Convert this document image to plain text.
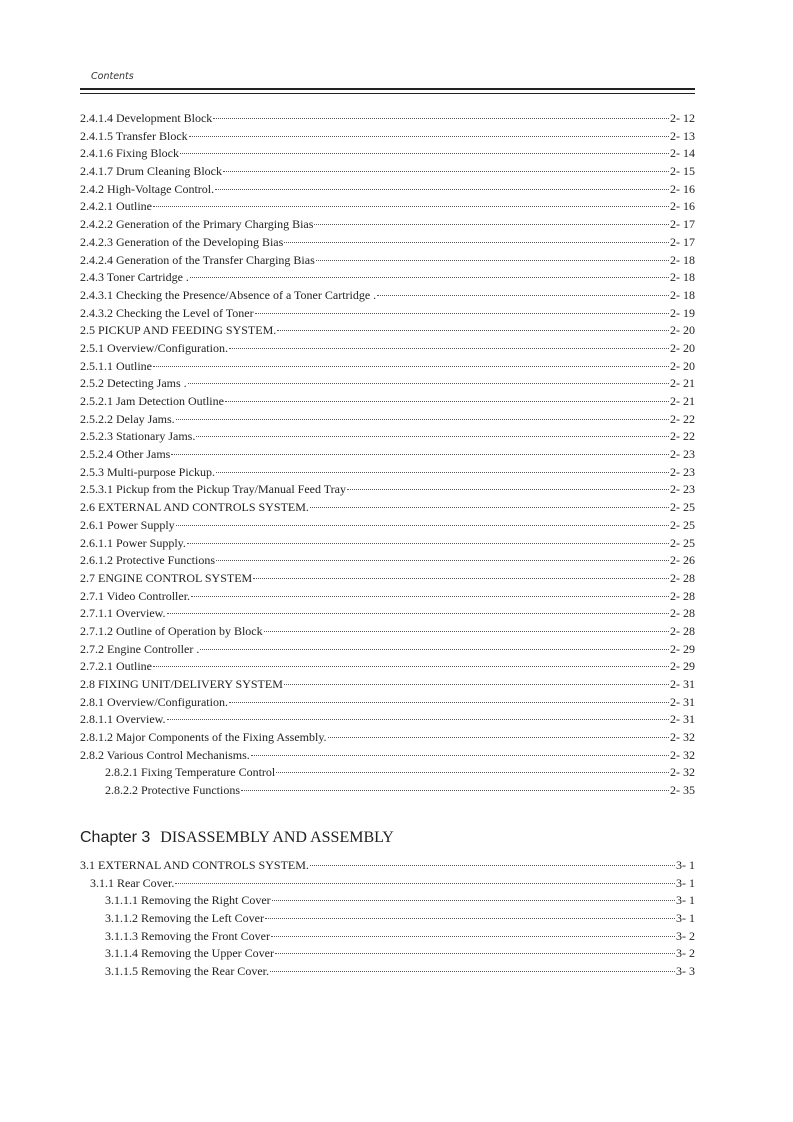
Contents
2.4.1.4 Development Block	2- 12
2.4.1.5 Transfer Block	2- 13
2.4.1.6 Fixing Block	2- 14
2.4.1.7 Drum Cleaning Block	2- 15
2.4.2 High-Voltage Control.	2- 16
2.4.2.1 Outline	2- 16
2.4.2.2 Generation of the Primary Charging Bias	2- 17
2.4.2.3 Generation of the Developing Bias	2- 17
2.4.2.4 Generation of the Transfer Charging Bias	2- 18
2.4.3 Toner Cartridge .	2- 18
2.4.3.1 Checking the Presence/Absence of a Toner Cartridge .	2- 18
2.4.3.2 Checking the Level of Toner	2- 19
2.5 PICKUP AND FEEDING SYSTEM.	2- 20
2.5.1 Overview/Configuration.	2- 20
2.5.1.1 Outline	2- 20
2.5.2 Detecting Jams .	2- 21
2.5.2.1 Jam Detection Outline	2- 21
2.5.2.2 Delay Jams.	2- 22
2.5.2.3 Stationary Jams.	2- 22
2.5.2.4 Other Jams	2- 23
2.5.3 Multi-purpose Pickup.	2- 23
2.5.3.1 Pickup from the Pickup Tray/Manual Feed Tray	2- 23
2.6 EXTERNAL AND CONTROLS SYSTEM.	2- 25
2.6.1 Power Supply	2- 25
2.6.1.1 Power Supply.	2- 25
2.6.1.2 Protective Functions	2- 26
2.7 ENGINE CONTROL SYSTEM	2- 28
2.7.1 Video Controller.	2- 28
2.7.1.1 Overview.	2- 28
2.7.1.2 Outline of Operation by Block	2- 28
2.7.2 Engine Controller .	2- 29
2.7.2.1 Outline	2- 29
2.8 FIXING UNIT/DELIVERY SYSTEM	2- 31
2.8.1 Overview/Configuration.	2- 31
2.8.1.1 Overview.	2- 31
2.8.1.2 Major Components of the Fixing Assembly.	2- 32
2.8.2 Various Control Mechanisms.	2- 32
2.8.2.1 Fixing Temperature Control	2- 32
2.8.2.2 Protective Functions	2- 35
Chapter 3 DISASSEMBLY AND ASSEMBLY
3.1 EXTERNAL AND CONTROLS SYSTEM.	3- 1
3.1.1 Rear Cover.	3- 1
3.1.1.1 Removing the Right Cover	3- 1
3.1.1.2 Removing the Left Cover	3- 1
3.1.1.3 Removing the Front Cover	3- 2
3.1.1.4 Removing the Upper Cover	3- 2
3.1.1.5 Removing the Rear Cover.	3- 3
